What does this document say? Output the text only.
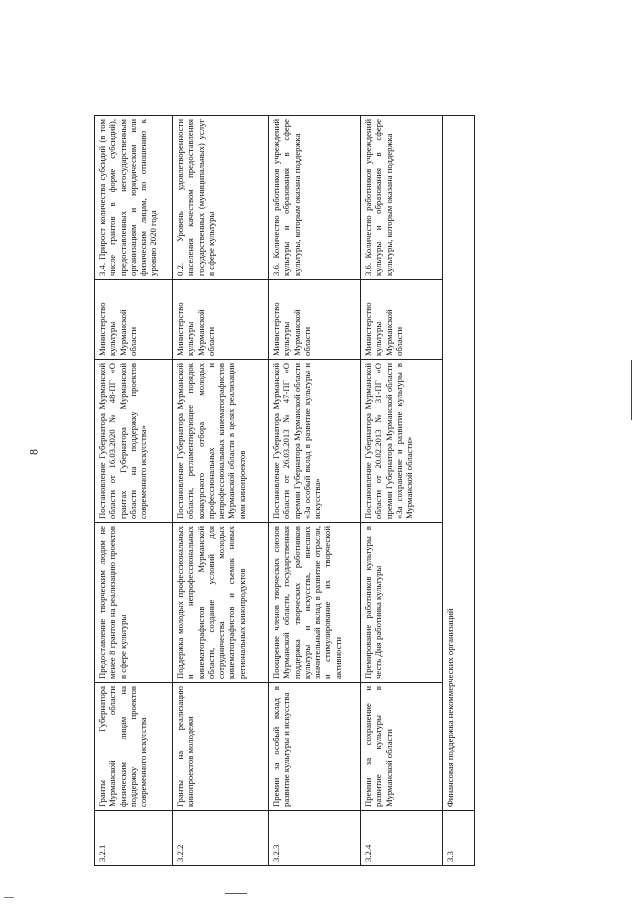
8
3.2.1	Гранты Губернатора Мурманской области физическим лицам на поддержку проектов современного искусства	Предоставление творческим людям не менее 8 грантов на реализацию проектов в сфере культуры	Постановление Губернатора Мурманской области от 16.03.2020 № 48-ПГ «О грантах Губернатора Мурманской области на поддержку проектов современного искусства»	Министерство культуры Мурманской области	3.4. Прирост количества субсидий (в том числе грантов в форме субсидий), предоставленных негосударственным организациям и юридическим или физическим лицам, по отношению к уровню 2020 года
3.2.2	Гранты на реализацию кинопроектов молодежи	Поддержка молодых профессиональных и непрофессиональных кинематографистов Мурманской области, создание условий для сотрудничества молодых кинематографистов и съемок новых региональных кинопродуктов	Постановление Губернатора Мурманской области, регламентирующее порядок конкурсного отбора молодых профессиональных и непрофессиональных кинематографистов Мурманской области в целях реализации ими кинопроектов	Министерство культуры Мурманской области	0.2. Уровень удовлетворенности населения качеством предоставления государственных (муниципальных) услуг в сфере культуры
3.2.3	Премии за особый вклад в развитие культуры и искусства	Поощрение членов творческих союзов Мурманской области, государственная поддержка творческих работников культуры и искусства, внесших значительный вклад в развитие отрасли, и стимулирование их творческой активности	Постановление Губернатора Мурманской области от 26.03.2013 № 47-ПГ «О премии Губернатора Мурманской области «За особый вклад в развитие культуры и искусства»	Министерство культуры Мурманской области	3.6. Количество работников учреждений культуры и образования в сфере культуры, которым оказана поддержка
3.2.4	Премии за сохранение и развитие культуры в Мурманской области	Премирование работников культуры в честь Дня работника культуры	Постановление Губернатора Мурманской области от 20.02.2013 № 31-ПГ «О премии Губернатора Мурманской области «За сохранение и развитие культуры в Мурманской области»	Министерство культуры Мурманской области	3.6. Количество работников учреждений культуры и образования в сфере культуры, которым оказана поддержка
3.3	Финансовая поддержка некоммерческих организаций				
